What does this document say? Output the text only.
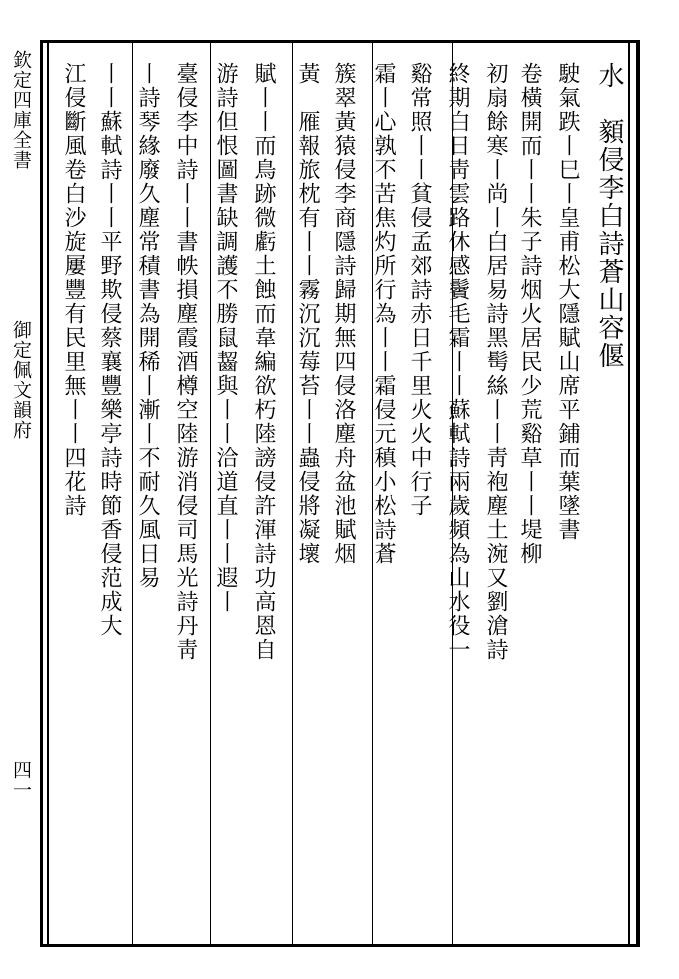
欽定四庫全書
御定佩文韻府
四一
水　顡侵李白詩蒼山容偃
駛氣跌丨巳丨皇甫松大隱賦山席平鋪而葉墜書
卷橫開而丨丨朱子詩烟火居民少荒谿草丨丨堤柳
初扇餘寒丨尚丨白居易詩黑髩絲丨丨靑袍塵土涴又劉滄詩
終期白日靑雲路休感鬢毛霜丨丨蘇軾詩兩歲頻為山水役一
谿常照丨丨貧侵孟郊詩赤日千里火火中行子
霜丨心孰不苦焦灼所行為丨丨霜侵元稹小松詩蒼
簇翠黃猿侵李商隱詩歸期無四侵洛塵舟盆池賦烟
黃　雁報旅枕有丨丨霧沉沉莓苔丨丨蟲侵將凝壞
賦丨丨而鳥跡微虧土蝕而韋編欲朽陸謗侵許渾詩功高恩自
游詩但恨圖書缺調護不勝鼠齧與丨丨洽道直丨丨遐丨
臺侵李中詩丨丨書帙損塵霞酒樽空陸游消侵司馬光詩丹靑
丨詩琴緣廢久塵常積書為開稀丨漸丨不耐久風日易
丨丨蘇軾詩丨丨平野欺侵蔡襄豐樂亭詩時節香侵范成大
江侵斷風卷白沙旋屢豐有民里無丨丨四花詩
